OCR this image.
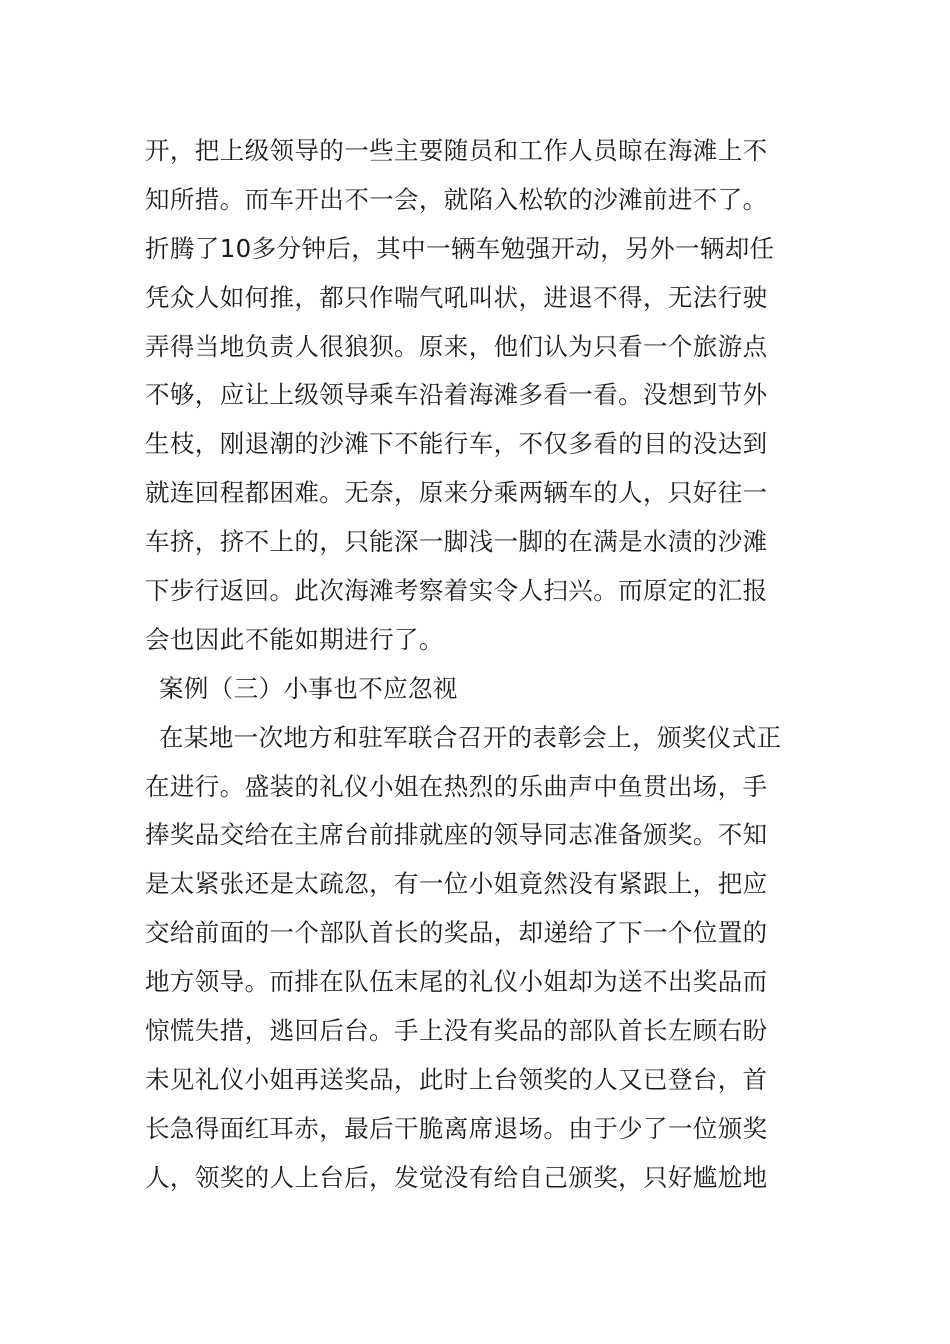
开，把上级领导的一些主要随员和工作人员晾在海滩上不
知所措。而车开出不一会，就陷入松软的沙滩前进不了。
折腾了10多分钟后，其中一辆车勉强开动，另外一辆却任
凭众人如何推，都只作喘气吼叫状，进退不得，无法行驶
弄得当地负责人很狼狈。原来，他们认为只看一个旅游点
不够，应让上级领导乘车沿着海滩多看一看。没想到节外
生枝，刚退潮的沙滩下不能行车，不仅多看的目的没达到
就连回程都困难。无奈，原来分乘两辆车的人，只好往一
车挤，挤不上的，只能深一脚浅一脚的在满是水渍的沙滩
下步行返回。此次海滩考察着实令人扫兴。而原定的汇报
会也因此不能如期进行了。
案例（三）小事也不应忽视
在某地一次地方和驻军联合召开的表彰会上，颁奖仪式正
在进行。盛装的礼仪小姐在热烈的乐曲声中鱼贯出场，手
捧奖品交给在主席台前排就座的领导同志准备颁奖。不知
是太紧张还是太疏忽，有一位小姐竟然没有紧跟上，把应
交给前面的一个部队首长的奖品，却递给了下一个位置的
地方领导。而排在队伍末尾的礼仪小姐却为送不出奖品而
惊慌失措，逃回后台。手上没有奖品的部队首长左顾右盼
未见礼仪小姐再送奖品，此时上台领奖的人又已登台，首
长急得面红耳赤，最后干脆离席退场。由于少了一位颁奖
人，领奖的人上台后，发觉没有给自己颁奖，只好尴尬地
